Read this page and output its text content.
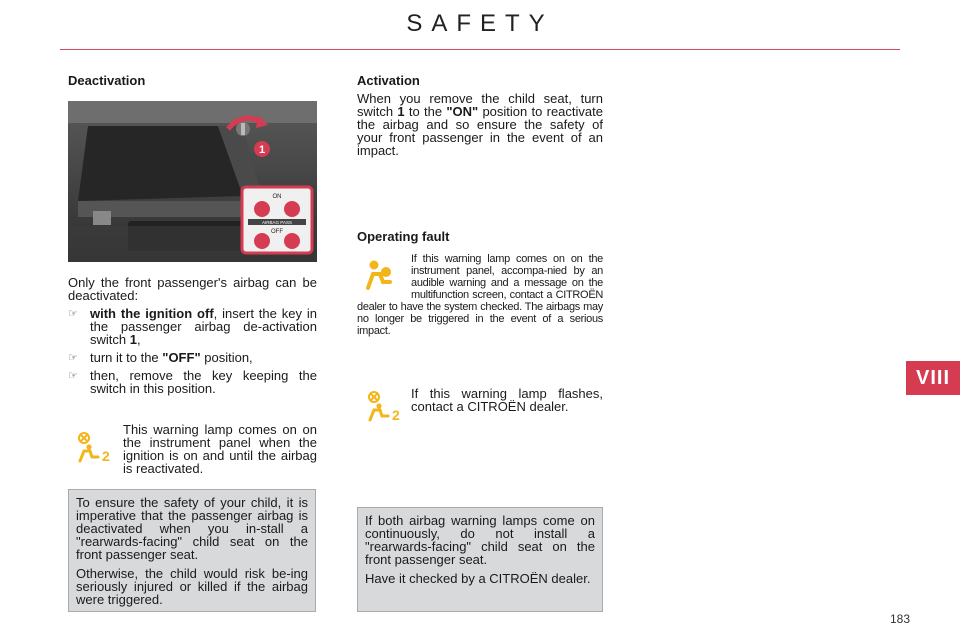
SAFETY
Deactivation
1
ON
AIRBAG PASS
OFF
Only the front passenger's airbag can be deactivated:
☞ with the ignition off, insert the key in the passenger airbag de-activation switch 1,
☞ turn it to the "OFF" position,
☞ then, remove the key keeping the switch in this position.
2
This warning lamp comes on on the instrument panel when the ignition is on and until the airbag is reactivated.
To ensure the safety of your child, it is imperative that the passenger airbag is deactivated when you in-stall a "rearwards-facing" child seat on the front passenger seat.
Otherwise, the child would risk be-ing seriously injured or killed if the airbag were triggered.
Activation
When you remove the child seat, turn switch 1 to the "ON" position to reactivate the airbag and so ensure the safety of your front passenger in the event of an impact.
Operating fault
If this warning lamp comes on on the instrument panel, accompa-nied by an audible warning and a message on the multifunction screen, contact a CITROËN dealer to have the system checked. The airbags may no longer be triggered in the event of a serious impact.
2
If this warning lamp flashes, contact a CITROËN dealer.
If both airbag warning lamps come on continuously, do not install a "rearwards-facing" child seat on the front passenger seat.
Have it checked by a CITROËN dealer.
VIII
183
